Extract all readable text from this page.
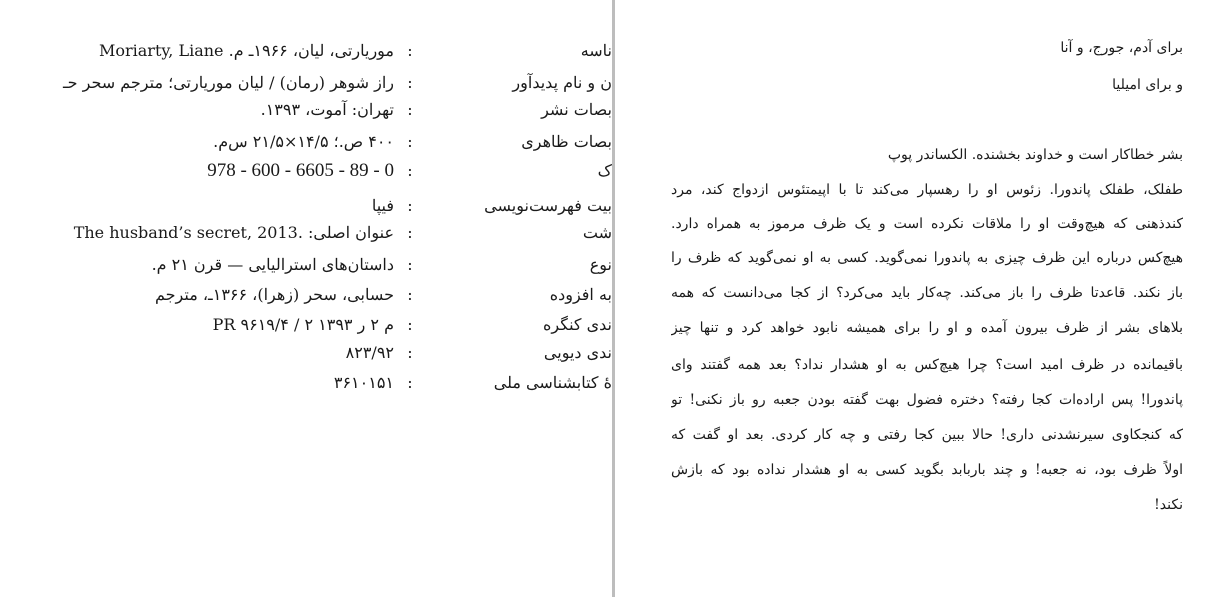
ناسه
:
موریارتی، لیان، ۱۹۶۶ـ م. Moriarty, Liane
ن و نام پدیدآور
:
راز شوهر (رمان) / لیان موریارتی؛ مترجم سحر حـ
بصات نشر
:
تهران: آموت، ۱۳۹۳.
بصات ظاهری
:
۴۰۰ ص.؛ ۱۴/۵×۲۱/۵ س‌م.
ک
:
978 - 600 - 6605 - 89 - 0
بیت فهرست‌نویسی
:
فیپا
شت
:
عنوان اصلی: .The husband’s secret, 2013
نوع
:
داستان‌های استرالیایی — قرن ۲۱ م.
به افزوده
:
حسابی، سحر (زهرا)، ۱۳۶۶ـ، مترجم
ندی کنگره
:
PR ۹۶۱۹/۴ / ۲ م ۲ ر ۱۳۹۳
ندی دیویی
:
۸۲۳/۹۲
ۀ کتابشناسی ملی
:
۳۶۱۰۱۵۱
برای آدم، جورج، و آنا
و برای امیلیا
بشر خطاکار است و خداوند بخشنده. الکساندر پوپ
طفلک، طفلک پاندورا. زئوس او را رهسپار می‌کند تا با اپیمتئوس ازدواج کند، مرد
کندذهنی که هیچ‌وقت او را ملاقات نکرده است و یک ظرف مرموز به همراه دارد.
هیچ‌کس درباره این ظرف چیزی به پاندورا نمی‌گوید. کسی به او نمی‌گوید که ظرف را
باز نکند. قاعدتا ظرف را باز می‌کند. چه‌کار باید می‌کرد؟ از کجا می‌دانست که همه
بلاهای بشر از ظرف بیرون آمده و او را برای همیشه نابود خواهد کرد و تنها چیز
باقیمانده در ظرف امید است؟ چرا هیچ‌کس به او هشدار نداد؟ بعد همه گفتند وای
پاندورا! پس اراده‌ات کجا رفته؟ دختره فضول بهت گفته بودن جعبه رو باز نکنی! تو
که کنجکاوی سیرنشدنی داری! حالا ببین کجا رفتی و چه کار کردی. بعد او گفت که
اولاً ظرف بود، نه جعبه! و چند باربابد بگوید کسی به او هشدار نداده بود که بازش
نکند!
